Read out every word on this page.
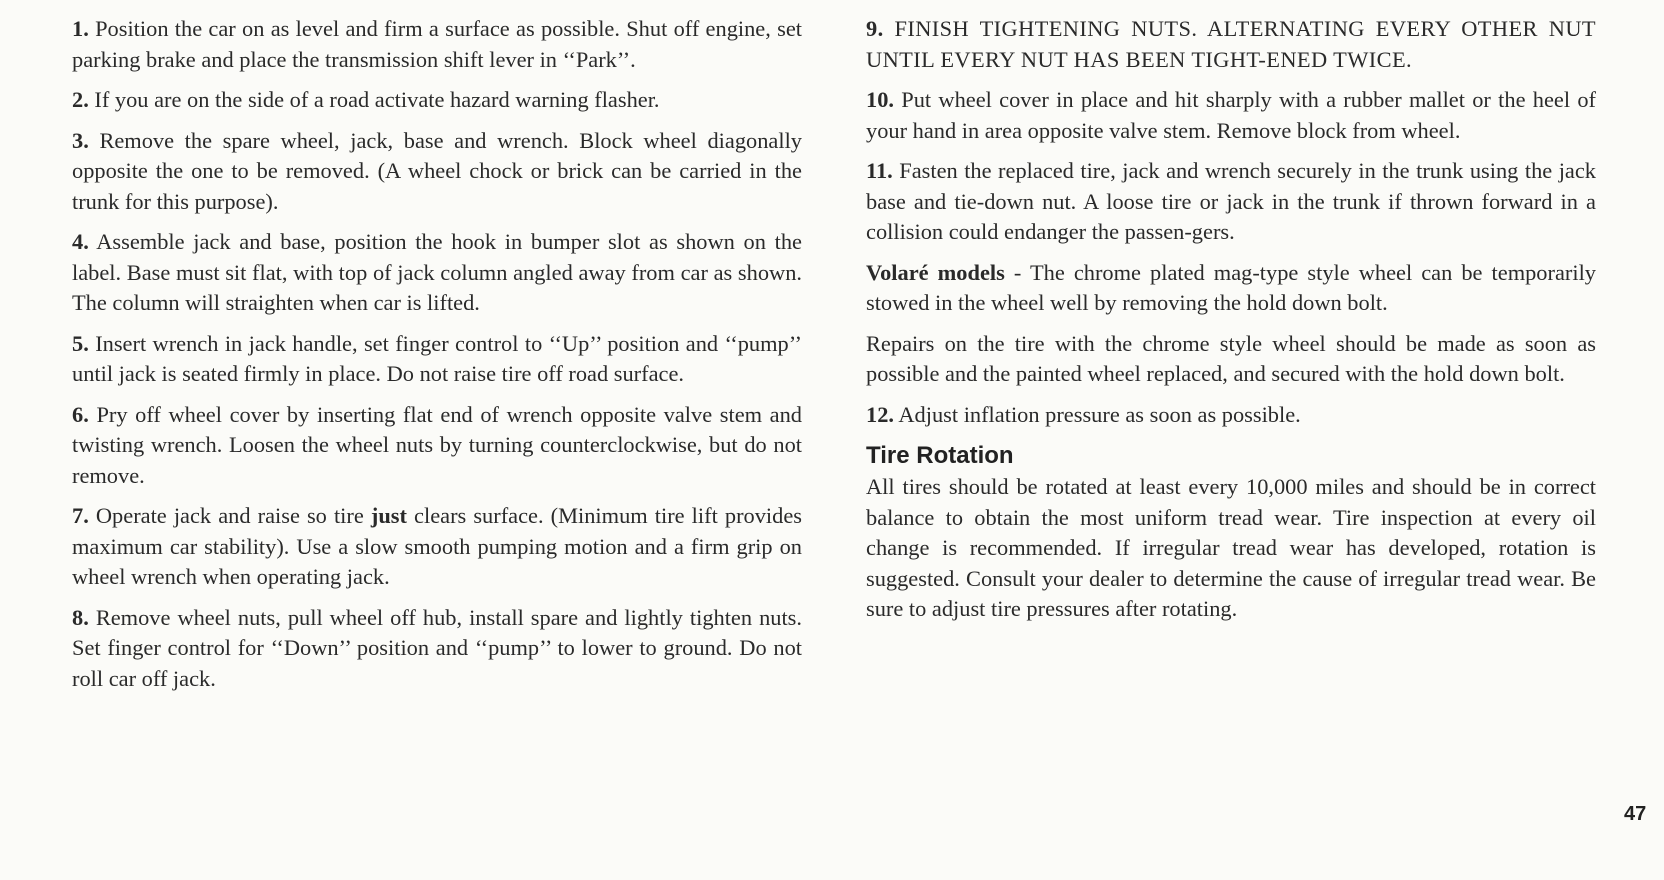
1. Position the car on as level and firm a surface as possible. Shut off engine, set parking brake and place the transmission shift lever in ‘‘Park’’.

2. If you are on the side of a road activate hazard warning flasher.

3. Remove the spare wheel, jack, base and wrench. Block wheel diagonally opposite the one to be removed. (A wheel chock or brick can be carried in the trunk for this purpose).

4. Assemble jack and base, position the hook in bumper slot as shown on the label. Base must sit flat, with top of jack column angled away from car as shown. The column will straighten when car is lifted.

5. Insert wrench in jack handle, set finger control to ‘‘Up’’ position and ‘‘pump’’ until jack is seated firmly in place. Do not raise tire off road surface.

6. Pry off wheel cover by inserting flat end of wrench opposite valve stem and twisting wrench. Loosen the wheel nuts by turning counterclockwise, but do not remove.

7. Operate jack and raise so tire just clears surface. (Minimum tire lift provides maximum car stability). Use a slow smooth pumping motion and a firm grip on wheel wrench when operating jack.

8. Remove wheel nuts, pull wheel off hub, install spare and lightly tighten nuts. Set finger control for ‘‘Down’’ position and ‘‘pump’’ to lower to ground. Do not roll car off jack.

9. FINISH TIGHTENING NUTS. ALTERNATING EVERY OTHER NUT UNTIL EVERY NUT HAS BEEN TIGHT-ENED TWICE.

10. Put wheel cover in place and hit sharply with a rubber mallet or the heel of your hand in area opposite valve stem. Remove block from wheel.

11. Fasten the replaced tire, jack and wrench securely in the trunk using the jack base and tie-down nut. A loose tire or jack in the trunk if thrown forward in a collision could endanger the passen-gers.

Volaré models - The chrome plated mag-type style wheel can be temporarily stowed in the wheel well by removing the hold down bolt.

Repairs on the tire with the chrome style wheel should be made as soon as possible and the painted wheel replaced, and secured with the hold down bolt.

12. Adjust inflation pressure as soon as possible.

Tire Rotation

All tires should be rotated at least every 10,000 miles and should be in correct balance to obtain the most uniform tread wear. Tire inspection at every oil change is recommended. If irregular tread wear has developed, rotation is suggested. Consult your dealer to determine the cause of irregular tread wear. Be sure to adjust tire pressures after rotating.

47
